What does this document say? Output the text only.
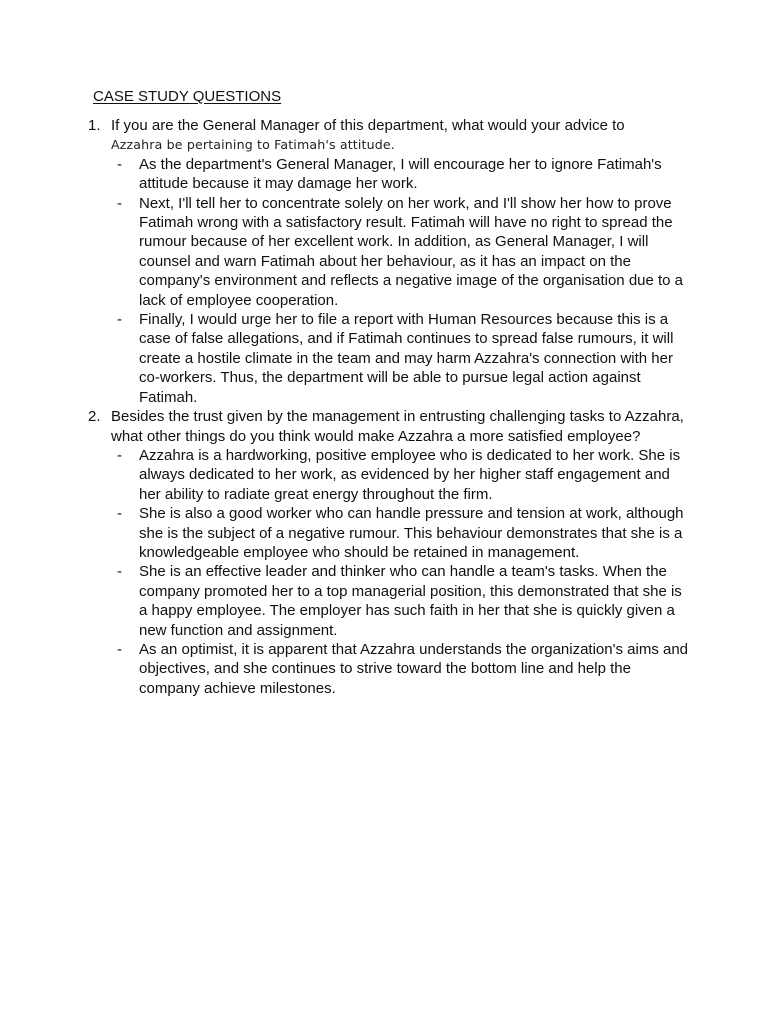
CASE STUDY QUESTIONS
1. If you are the General Manager of this department, what would your advice to
Azzahra be pertaining to Fatimah's attitude.
- As the department's General Manager, I will encourage her to ignore Fatimah's attitude because it may damage her work.
- Next, I'll tell her to concentrate solely on her work, and I'll show her how to prove Fatimah wrong with a satisfactory result. Fatimah will have no right to spread the rumour because of her excellent work. In addition, as General Manager, I will counsel and warn Fatimah about her behaviour, as it has an impact on the company's environment and reflects a negative image of the organisation due to a lack of employee cooperation.
- Finally, I would urge her to file a report with Human Resources because this is a case of false allegations, and if Fatimah continues to spread false rumours, it will create a hostile climate in the team and may harm Azzahra's connection with her co-workers. Thus, the department will be able to pursue legal action against Fatimah.
2. Besides the trust given by the management in entrusting challenging tasks to Azzahra, what other things do you think would make Azzahra a more satisfied employee?
- Azzahra is a hardworking, positive employee who is dedicated to her work. She is always dedicated to her work, as evidenced by her higher staff engagement and her ability to radiate great energy throughout the firm.
- She is also a good worker who can handle pressure and tension at work, although she is the subject of a negative rumour. This behaviour demonstrates that she is a knowledgeable employee who should be retained in management.
- She is an effective leader and thinker who can handle a team's tasks. When the company promoted her to a top managerial position, this demonstrated that she is a happy employee. The employer has such faith in her that she is quickly given a new function and assignment.
- As an optimist, it is apparent that Azzahra understands the organization's aims and objectives, and she continues to strive toward the bottom line and help the company achieve milestones.
